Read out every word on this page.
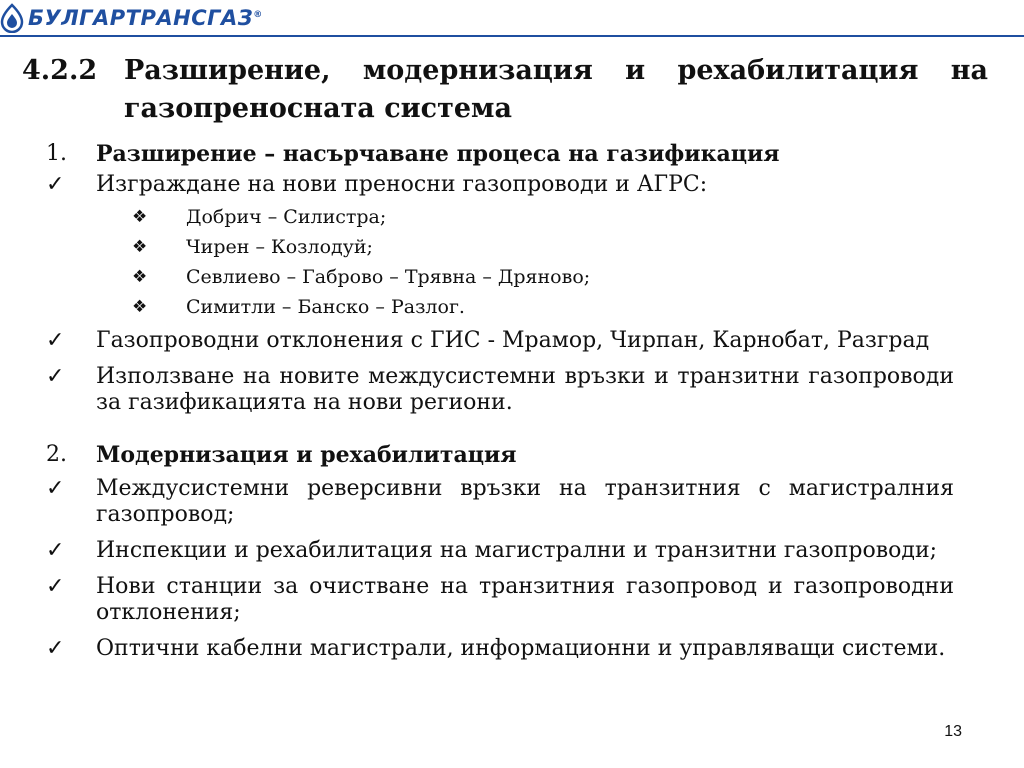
БУЛГАРТРАНСГАЗ®
4.2.2 Разширение, модернизация и рехабилитация на газопреносната система
1. Разширение – насърчаване процеса на газификация
✓ Изграждане на нови преносни газопроводи и АГРС:
❖ Добрич – Силистра;
❖ Чирен – Козлодуй;
❖ Севлиево – Габрово – Трявна – Дряново;
❖ Симитли – Банско – Разлог.
✓ Газопроводни отклонения с ГИС - Мрамор, Чирпан, Карнобат, Разград
✓ Използване на новите междусистемни връзки и транзитни газопроводи за газификацията на нови региони.
2. Модернизация и рехабилитация
✓ Междусистемни реверсивни връзки на транзитния с магистралния газопровод;
✓ Инспекции и рехабилитация на магистрални и транзитни газопроводи;
✓ Нови станции за очистване на транзитния газопровод и газопроводни отклонения;
✓ Оптични кабелни магистрали, информационни и управляващи системи.
13
